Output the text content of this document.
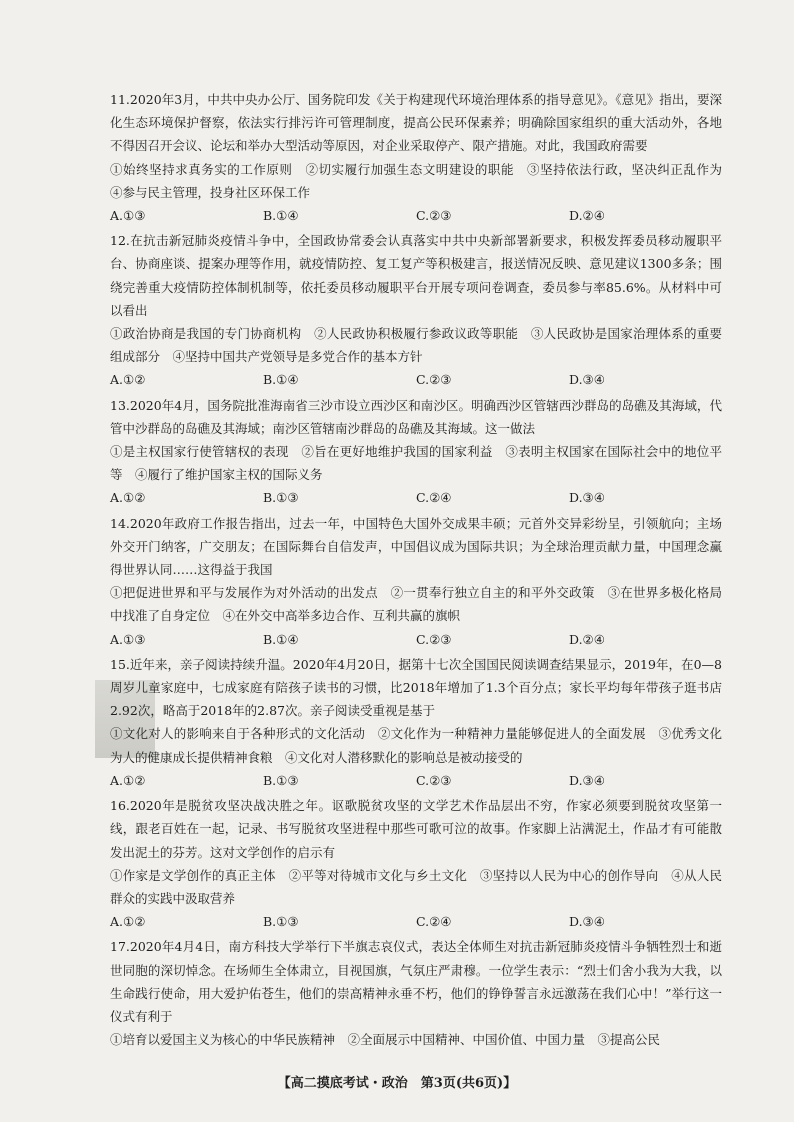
11.2020年3月，中共中央办公厅、国务院印发《关于构建现代环境治理体系的指导意见》。《意见》指出，要深化生态环境保护督察，依法实行排污许可管理制度，提高公民环保素养；明确除国家组织的重大活动外，各地不得因召开会议、论坛和举办大型活动等原因，对企业采取停产、限产措施。对此，我国政府需要
①始终坚持求真务实的工作原则　②切实履行加强生态文明建设的职能　③坚持依法行政，坚决纠正乱作为　④参与民主管理，投身社区环保工作
A.①③	B.①④	C.②③	D.②④
12.在抗击新冠肺炎疫情斗争中，全国政协常委会认真落实中共中央新部署新要求，积极发挥委员移动履职平台、协商座谈、提案办理等作用，就疫情防控、复工复产等积极建言，报送情况反映、意见建议1300多条；围绕完善重大疫情防控体制机制等，依托委员移动履职平台开展专项问卷调查，委员参与率85.6%。从材料中可以看出
①政治协商是我国的专门协商机构　②人民政协积极履行参政议政等职能　③人民政协是国家治理体系的重要组成部分　④坚持中国共产党领导是多党合作的基本方针
A.①②	B.①④	C.②③	D.③④
13.2020年4月，国务院批准海南省三沙市设立西沙区和南沙区。明确西沙区管辖西沙群岛的岛礁及其海域，代管中沙群岛的岛礁及其海域；南沙区管辖南沙群岛的岛礁及其海域。这一做法
①是主权国家行使管辖权的表现　②旨在更好地维护我国的国家利益　③表明主权国家在国际社会中的地位平等　④履行了维护国家主权的国际义务
A.①②	B.①③	C.②④	D.③④
14.2020年政府工作报告指出，过去一年，中国特色大国外交成果丰硕；元首外交异彩纷呈，引领航向；主场外交开门纳客，广交朋友；在国际舞台自信发声，中国倡议成为国际共识；为全球治理贡献力量，中国理念赢得世界认同……这得益于我国
①把促进世界和平与发展作为对外活动的出发点　②一贯奉行独立自主的和平外交政策　③在世界多极化格局中找准了自身定位　④在外交中高举多边合作、互利共赢的旗帜
A.①③	B.①④	C.②③	D.②④
15.近年来，亲子阅读持续升温。2020年4月20日，据第十七次全国国民阅读调查结果显示，2019年，在0—8周岁儿童家庭中，七成家庭有陪孩子读书的习惯，比2018年增加了1.3个百分点；家长平均每年带孩子逛书店2.92次，略高于2018年的2.87次。亲子阅读受重视是基于
①文化对人的影响来自于各种形式的文化活动　②文化作为一种精神力量能够促进人的全面发展　③优秀文化为人的健康成长提供精神食粮　④文化对人潜移默化的影响总是被动接受的
A.①②	B.①③	C.②③	D.③④
16.2020年是脱贫攻坚决战决胜之年。讴歌脱贫攻坚的文学艺术作品层出不穷，作家必须要到脱贫攻坚第一线，跟老百姓在一起，记录、书写脱贫攻坚进程中那些可歌可泣的故事。作家脚上沾满泥土，作品才有可能散发出泥土的芬芳。这对文学创作的启示有
①作家是文学创作的真正主体　②平等对待城市文化与乡土文化　③坚持以人民为中心的创作导向　④从人民群众的实践中汲取营养
A.①②	B.①③	C.②④	D.③④
17.2020年4月4日，南方科技大学举行下半旗志哀仪式，表达全体师生对抗击新冠肺炎疫情斗争牺牲烈士和逝世同胞的深切悼念。在场师生全体肃立，目视国旗，气氛庄严肃穆。一位学生表示：“烈士们舍小我为大我，以生命践行使命，用大爱护佑苍生，他们的崇高精神永垂不朽，他们的铮铮誓言永远激荡在我们心中！”举行这一仪式有利于
①培育以爱国主义为核心的中华民族精神　②全面展示中国精神、中国价值、中国力量　③提高公民
【高二摸底考试・政治　第3页(共6页)】
